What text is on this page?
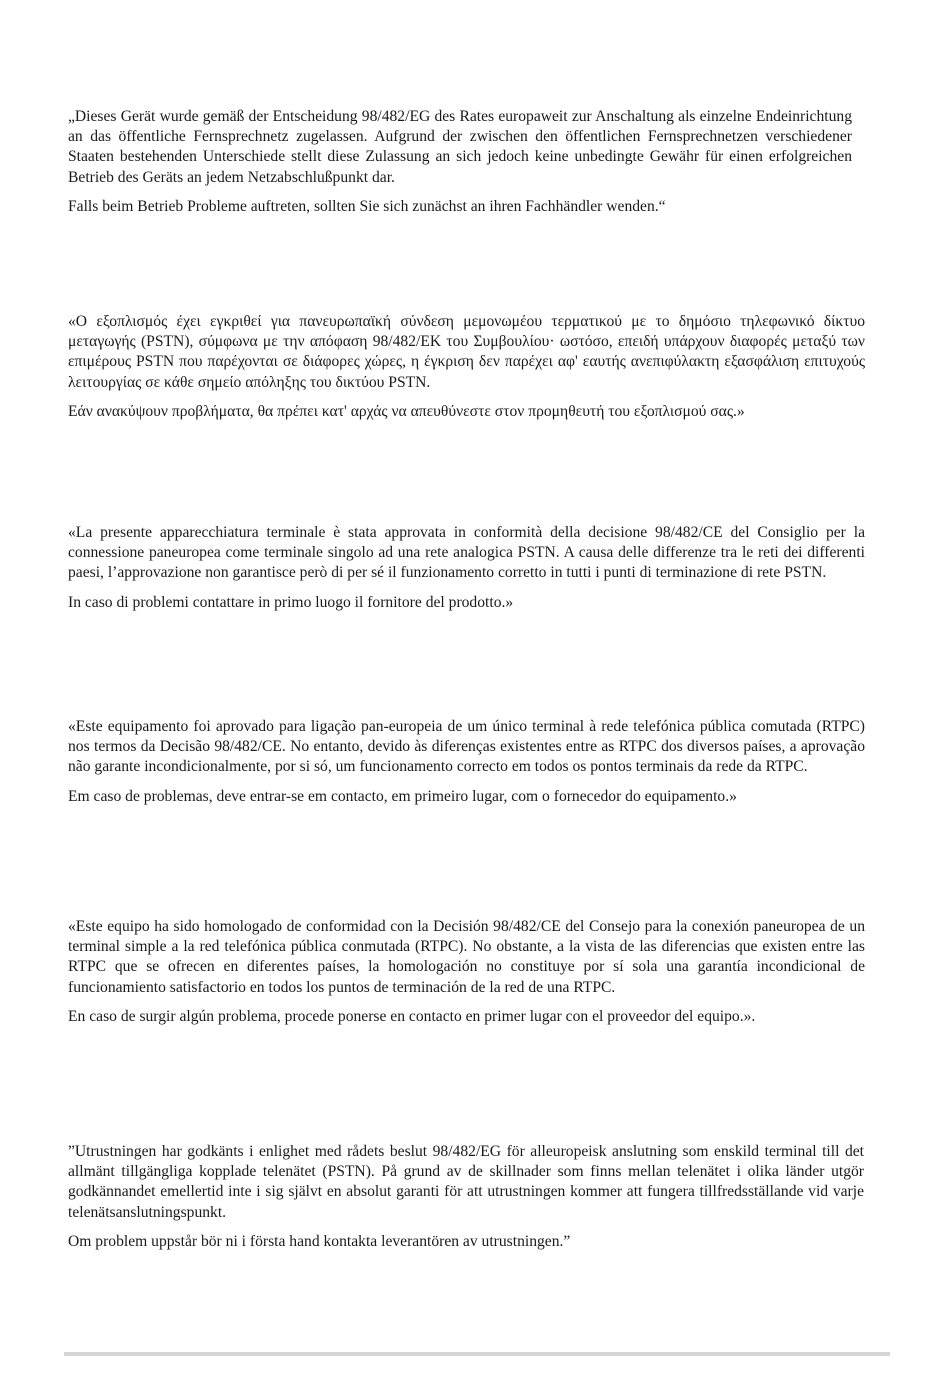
„Dieses Gerät wurde gemäß der Entscheidung 98/482/EG des Rates europaweit zur Anschaltung als einzelne Endeinrichtung an das öffentliche Fernsprechnetz zugelassen. Aufgrund der zwischen den öffentlichen Fernsprechnetzen verschiedener Staaten bestehenden Unterschiede stellt diese Zulassung an sich jedoch keine unbedingte Gewähr für einen erfolgreichen Betrieb des Geräts an jedem Netzabschlußpunkt dar.

Falls beim Betrieb Probleme auftreten, sollten Sie sich zunächst an ihren Fachhändler wenden.“

«Ο εξοπλισμός έχει εγκριθεί για πανευρωπαϊκή σύνδεση μεμονωμέου τερματικού με το δημόσιο τηλεφωνικό δίκτυο μεταγωγής (PSTN), σύμφωνα με την απόφαση 98/482/ΕΚ του Συμβουλίου· ωστόσο, επειδή υπάρχουν διαφορές μεταξύ των επιμέρους PSTN που παρέχονται σε διάφορες χώρες, η έγκριση δεν παρέχει αφ' εαυτής ανεπιφύλακτη εξασφάλιση επιτυχούς λειτουργίας σε κάθε σημείο απόληξης του δικτύου PSTN.

Εάν ανακύψουν προβλήματα, θα πρέπει κατ' αρχάς να απευθύνεστε στον προμηθευτή του εξοπλισμού σας.»

«La presente apparecchiatura terminale è stata approvata in conformità della decisione 98/482/CE del Consiglio per la connessione paneuropea come terminale singolo ad una rete analogica PSTN. A causa delle differenze tra le reti dei differenti paesi, l’approvazione non garantisce però di per sé il funzionamento corretto in tutti i punti di terminazione di rete PSTN.

In caso di problemi contattare in primo luogo il fornitore del prodotto.»

«Este equipamento foi aprovado para ligação pan-europeia de um único terminal à rede telefónica pública comutada (RTPC) nos termos da Decisão 98/482/CE. No entanto, devido às diferenças existentes entre as RTPC dos diversos países, a aprovação não garante incondicionalmente, por si só, um funcionamento correcto em todos os pontos terminais da rede da RTPC.

Em caso de problemas, deve entrar-se em contacto, em primeiro lugar, com o fornecedor do equipamento.»

«Este equipo ha sido homologado de conformidad con la Decisión 98/482/CE del Consejo para la conexión paneuropea de un terminal simple a la red telefónica pública conmutada (RTPC). No obstante, a la vista de las diferencias que existen entre las RTPC que se ofrecen en diferentes países, la homologación no constituye por sí sola una garantía incondicional de funcionamiento satisfactorio en todos los puntos de terminación de la red de una RTPC.

En caso de surgir algún problema, procede ponerse en contacto en primer lugar con el proveedor del equipo.».

”Utrustningen har godkänts i enlighet med rådets beslut 98/482/EG för alleuropeisk anslutning som enskild terminal till det allmänt tillgängliga kopplade telenätet (PSTN). På grund av de skillnader som finns mellan telenätet i olika länder utgör godkännandet emellertid inte i sig självt en absolut garanti för att utrustningen kommer att fungera tillfredsställande vid varje telenätsanslutningspunkt.

Om problem uppstår bör ni i första hand kontakta leverantören av utrustningen.”
